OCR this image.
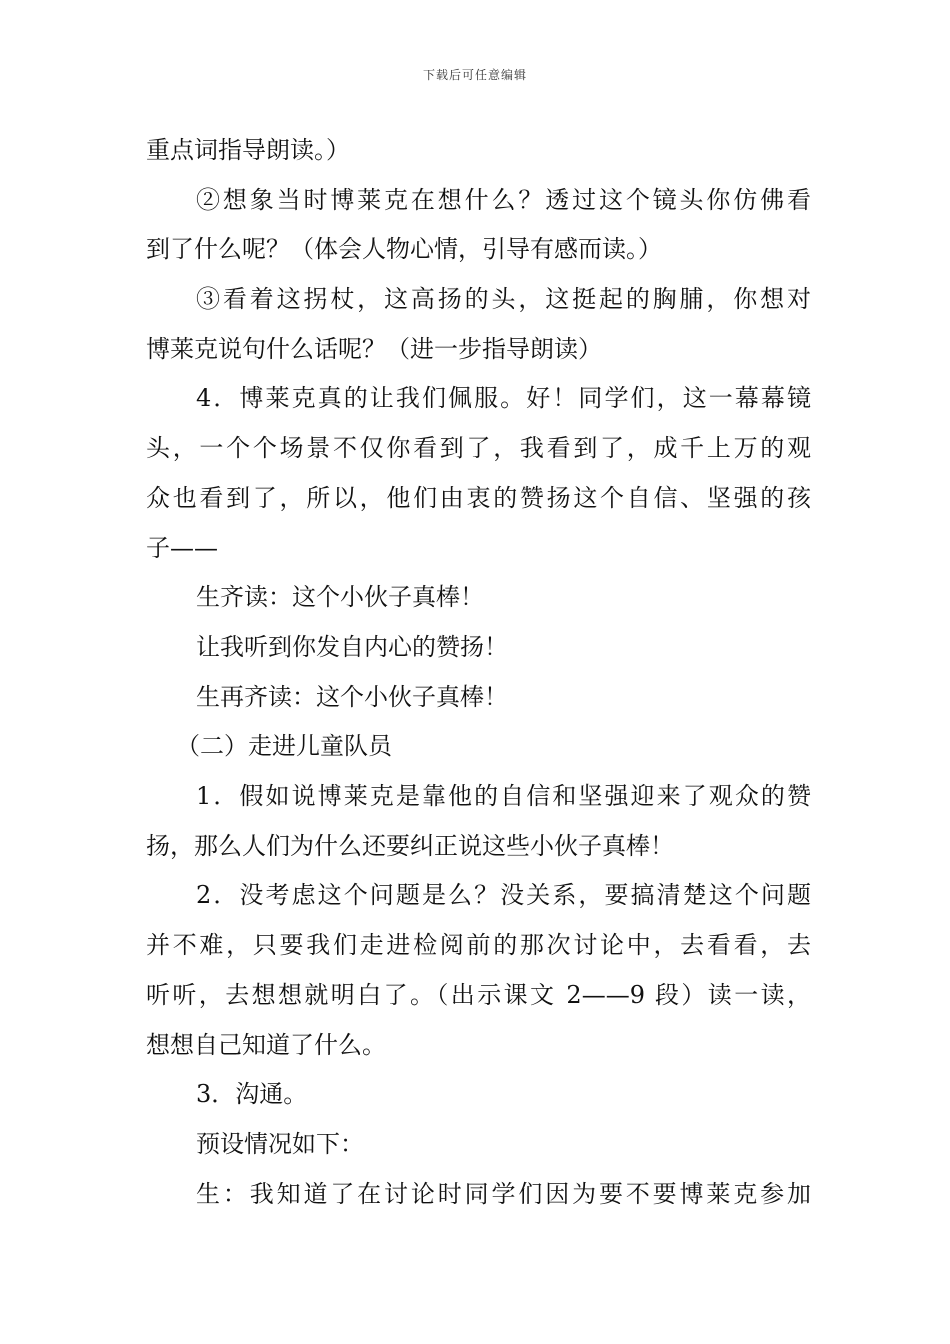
下载后可任意编辑
重点词指导朗读。）
②想象当时博莱克在想什么？透过这个镜头你仿佛看
到了什么呢？（体会人物心情，引导有感而读。）
③看着这拐杖，这高扬的头，这挺起的胸脯，你想对
博莱克说句什么话呢？（进一步指导朗读）
4．博莱克真的让我们佩服。好！同学们，这一幕幕镜
头，一个个场景不仅你看到了，我看到了，成千上万的观
众也看到了，所以，他们由衷的赞扬这个自信、坚强的孩
子——
生齐读：这个小伙子真棒！
让我听到你发自内心的赞扬！
生再齐读：这个小伙子真棒！
（二）走进儿童队员
1．假如说博莱克是靠他的自信和坚强迎来了观众的赞
扬，那么人们为什么还要纠正说这些小伙子真棒！
2．没考虑这个问题是么？没关系，要搞清楚这个问题
并不难，只要我们走进检阅前的那次讨论中，去看看，去
听听，去想想就明白了。（出示课文 2——9 段）读一读，
想想自己知道了什么。
3．沟通。
预设情况如下：
生：我知道了在讨论时同学们因为要不要博莱克参加
